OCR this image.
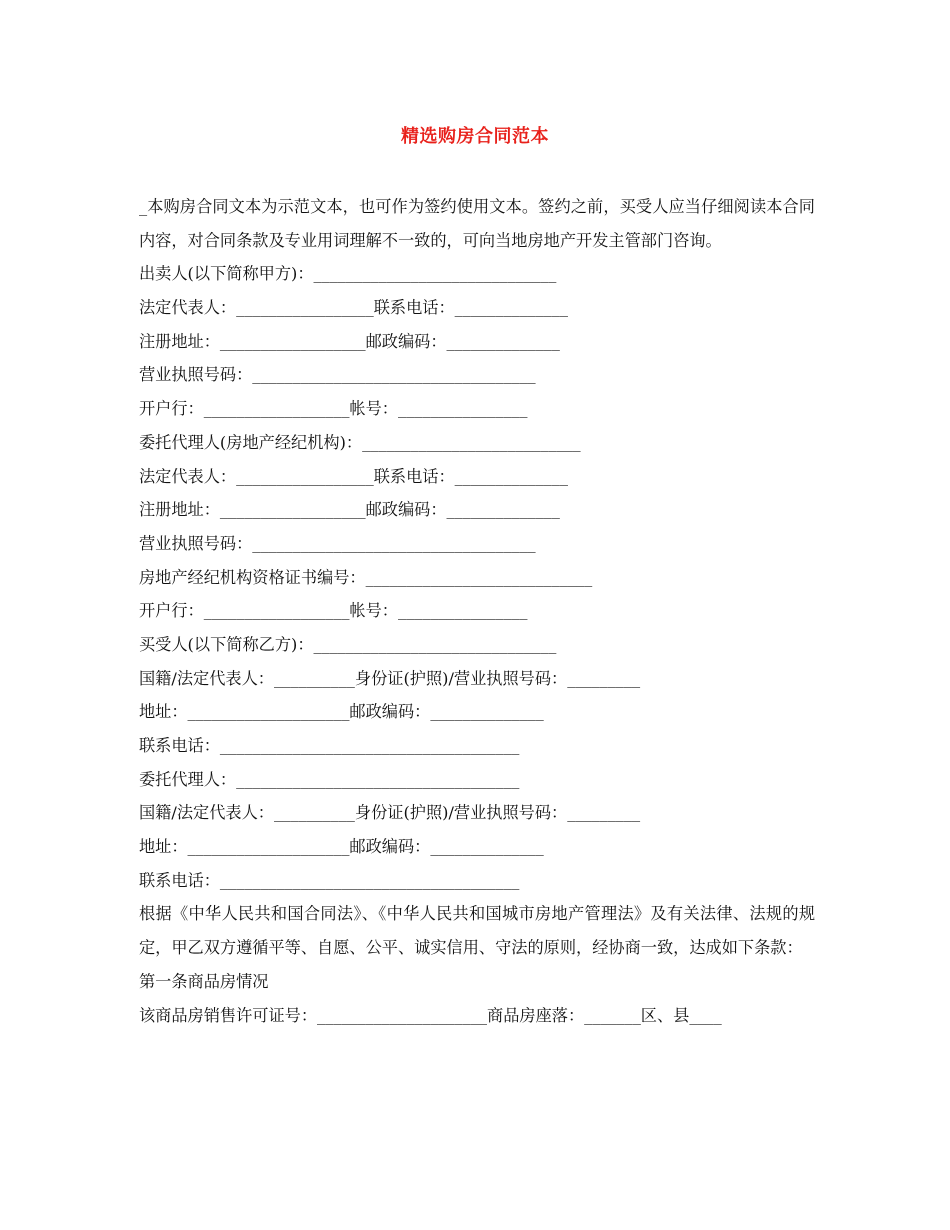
精选购房合同范本

_本购房合同文本为示范文本，也可作为签约使用文本。签约之前，买受人应当仔细阅读本合同内容，对合同条款及专业用词理解不一致的，可向当地房地产开发主管部门咨询。

出卖人(以下简称甲方)：______________________________
法定代表人：_________________联系电话：______________
注册地址：__________________邮政编码：______________
营业执照号码：___________________________________
开户行：__________________帐号：________________
委托代理人(房地产经纪机构)：___________________________
法定代表人：_________________联系电话：______________
注册地址：__________________邮政编码：______________
营业执照号码：___________________________________
房地产经纪机构资格证书编号：____________________________
开户行：__________________帐号：________________
买受人(以下简称乙方)：______________________________
国籍/法定代表人：__________身份证(护照)/营业执照号码：_________
地址：____________________邮政编码：______________
联系电话：_____________________________________
委托代理人：___________________________________
国籍/法定代表人：__________身份证(护照)/营业执照号码：_________
地址：____________________邮政编码：______________
联系电话：_____________________________________

根据《中华人民共和国合同法》、《中华人民共和国城市房地产管理法》及有关法律、法规的规定，甲乙双方遵循平等、自愿、公平、诚实信用、守法的原则，经协商一致，达成如下条款：

第一条商品房情况
该商品房销售许可证号：_____________________商品房座落：_______区、县____
